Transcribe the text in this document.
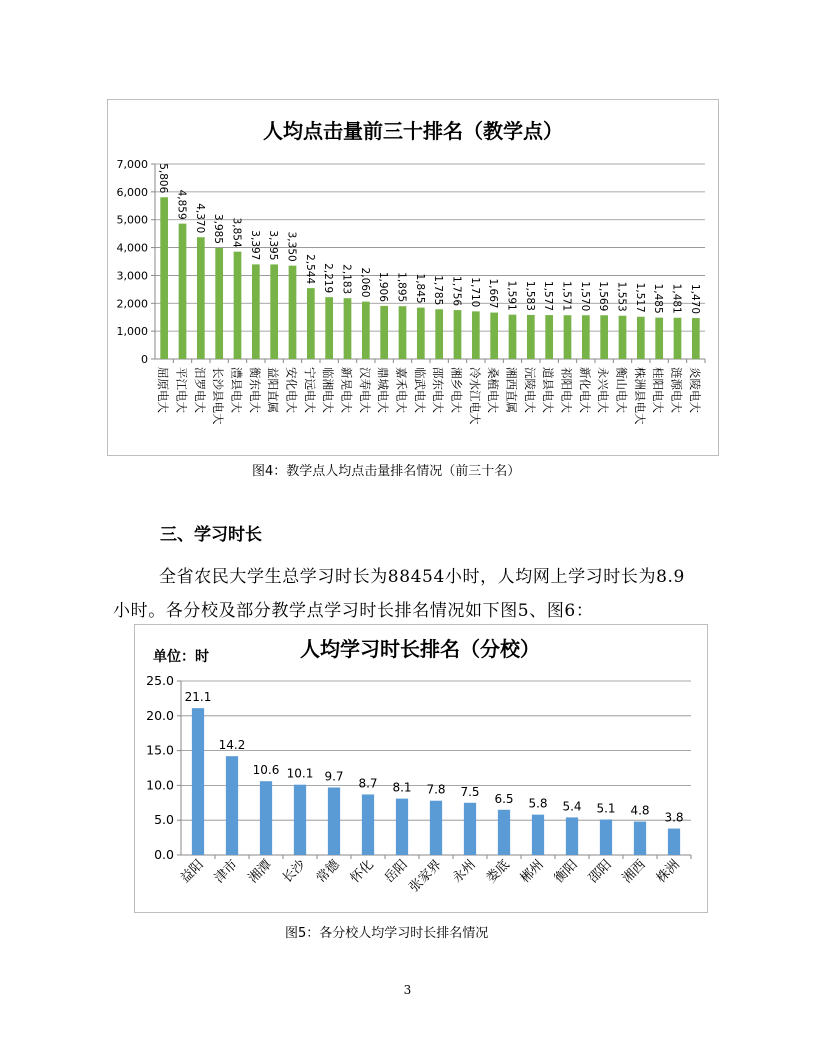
人均点击量前三十排名（教学点）
0
1,000
2,000
3,000
4,000
5,000
6,000
7,000 5,806
屈原电大
4,859
平江电大
4,370
汨罗电大
3,985
长沙县电大
3,854
澧县电大
3,397
衡东电大
3,395
益阳直属
3,350
安化电大
2,544
宁远电大
2,219
临湘电大
2,183
新晃电大
2,060
汉寿电大
1,906
鼎城电大
1,895
嘉禾电大
1,845
临武电大
1,785
邵东电大
1,756
湘乡电大
1,710
冷水江电大
1,667
桑植电大
1,591
湘西直属
1,583
沅陵电大
1,577
道县电大
1,571
祁阳电大
1,570
新化电大
1,569
永兴电大
1,553
衡山电大
1,517
株洲县电大
1,485
桂阳电大
1,481
涟源电大
1,470
炎陵电大
图4：教学点人均点击量排名情况（前三十名）
三、学习时长
全省农民大学生总学习时长为88454小时，人均网上学习时长为8.9
小时。各分校及部分教学点学习时长排名情况如下图5、图6：
人均学习时长排名（分校）
单位：时
0.0
5.0
10.0
15.0
20.0
25.0
21.1
益阳
14.2
津市
10.6
湘潭
10.1
长沙
9.7
常德
8.7
怀化
8.1
岳阳
7.8
张家界
7.5
永州
6.5
娄底
5.8
郴州
5.4
衡阳
5.1
邵阳
4.8
湘西
3.8
株洲
图5：各分校人均学习时长排名情况
3
